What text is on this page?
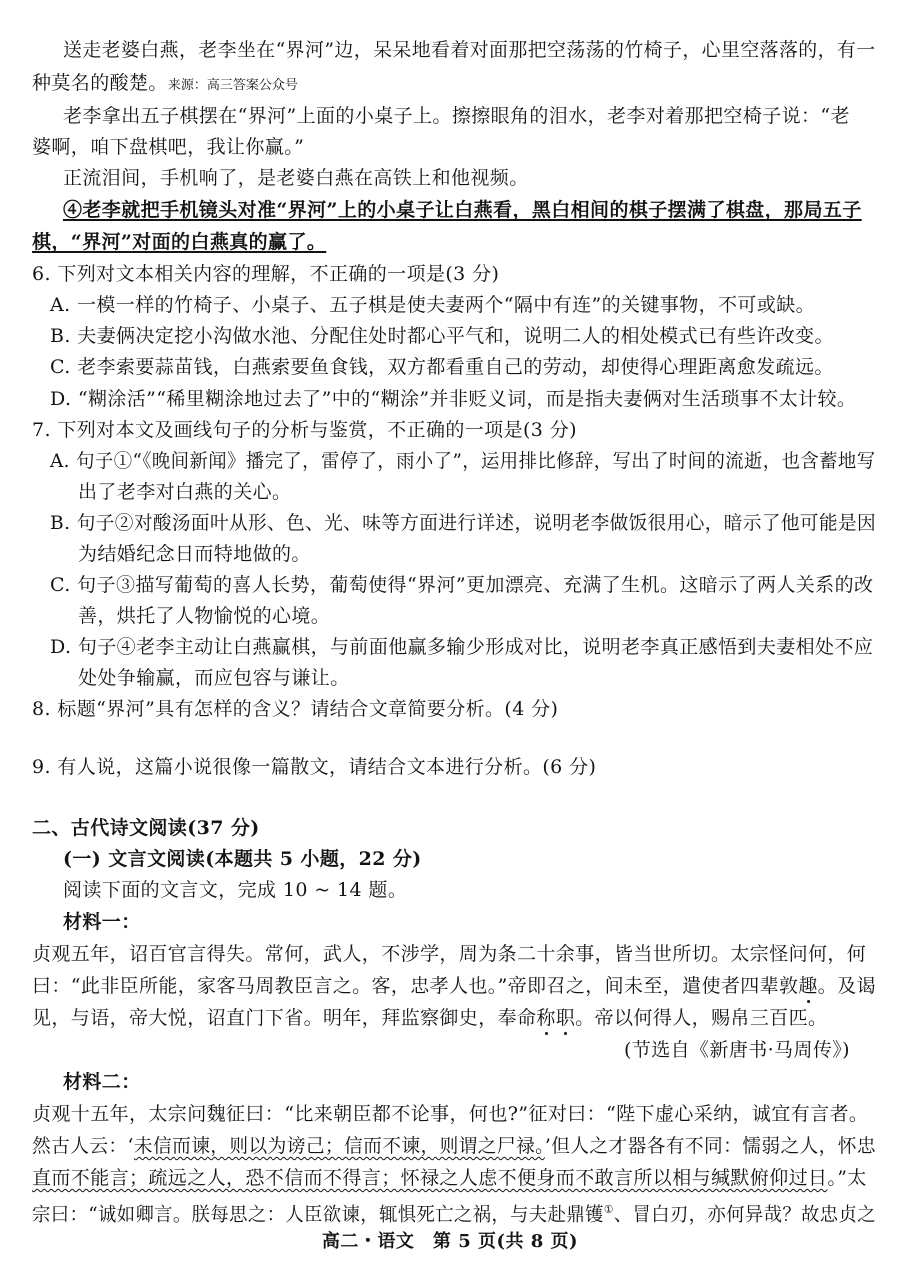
送走老婆白燕，老李坐在“界河”边，呆呆地看着对面那把空荡荡的竹椅子，心里空落落的，有一
种莫名的酸楚。来源：高三答案公众号
老李拿出五子棋摆在“界河”上面的小桌子上。擦擦眼角的泪水，老李对着那把空椅子说：“老
婆啊，咱下盘棋吧，我让你赢。”
正流泪间，手机响了，是老婆白燕在高铁上和他视频。
④老李就把手机镜头对准“界河”上的小桌子让白燕看，黑白相间的棋子摆满了棋盘，那局五子
棋，“界河”对面的白燕真的赢了。
6. 下列对文本相关内容的理解，不正确的一项是(3 分)
A. 一模一样的竹椅子、小桌子、五子棋是使夫妻两个“隔中有连”的关键事物，不可或缺。
B. 夫妻俩决定挖小沟做水池、分配住处时都心平气和，说明二人的相处模式已有些许改变。
C. 老李索要蒜苗钱，白燕索要鱼食钱，双方都看重自己的劳动，却使得心理距离愈发疏远。
D. “糊涂活”“稀里糊涂地过去了”中的“糊涂”并非贬义词，而是指夫妻俩对生活琐事不太计较。
7. 下列对本文及画线句子的分析与鉴赏，不正确的一项是(3 分)
A. 句子①“《晚间新闻》播完了，雷停了，雨小了”，运用排比修辞，写出了时间的流逝，也含蓄地写
出了老李对白燕的关心。
B. 句子②对酸汤面叶从形、色、光、味等方面进行详述，说明老李做饭很用心，暗示了他可能是因
为结婚纪念日而特地做的。
C. 句子③描写葡萄的喜人长势，葡萄使得“界河”更加漂亮、充满了生机。这暗示了两人关系的改
善，烘托了人物愉悦的心境。
D. 句子④老李主动让白燕赢棋，与前面他赢多输少形成对比，说明老李真正感悟到夫妻相处不应
处处争输赢，而应包容与谦让。
8. 标题“界河”具有怎样的含义？请结合文章简要分析。(4 分)
9. 有人说，这篇小说很像一篇散文，请结合文本进行分析。(6 分)
二、古代诗文阅读(37 分)
(一) 文言文阅读(本题共 5 小题，22 分)
阅读下面的文言文，完成 10 ~ 14 题。
材料一：
贞观五年，诏百官言得失。常何，武人，不涉学，周为条二十余事，皆当世所切。太宗怪问何，何
曰：“此非臣所能，家客马周教臣言之。客，忠孝人也。”帝即召之，间未至，遣使者四辈敦趣。及谒
见，与语，帝大悦，诏直门下省。明年，拜监察御史，奉命称职。帝以何得人，赐帛三百匹。
(节选自《新唐书·马周传》)
材料二：
贞观十五年，太宗问魏征曰：“比来朝臣都不论事，何也?”征对曰：“陛下虚心采纳，诚宜有言者。
然古人云：‘未信而谏，则以为谤己；信而不谏，则谓之尸禄。’但人之才器各有不同：懦弱之人，怀忠
直而不能言；疏远之人，恐不信而不得言；怀禄之人虑不便身而不敢言所以相与缄默俯仰过日。”太
宗曰：“诚如卿言。朕每思之：人臣欲谏，辄惧死亡之祸，与夫赴鼎镬①、冒白刃，亦何异哉？故忠贞之
高二・语文　第 5 页(共 8 页)
